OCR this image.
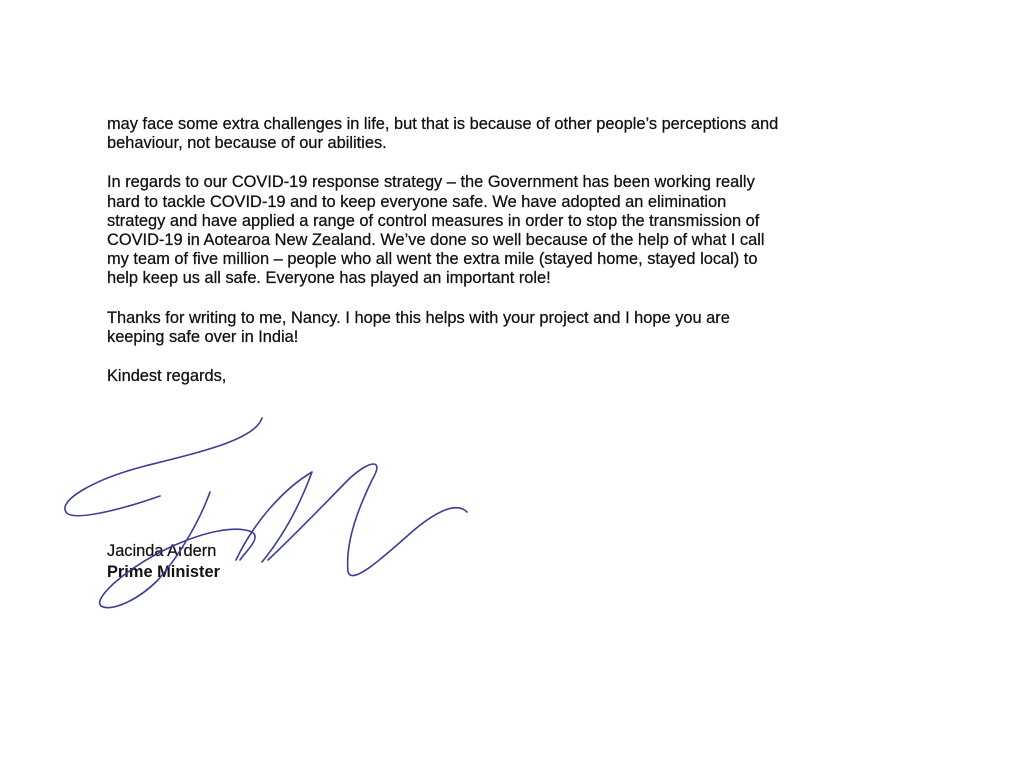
may face some extra challenges in life, but that is because of other people’s perceptions and
behaviour, not because of our abilities.
In regards to our COVID-19 response strategy – the Government has been working really
hard to tackle COVID-19 and to keep everyone safe. We have adopted an elimination
strategy and have applied a range of control measures in order to stop the transmission of
COVID-19 in Aotearoa New Zealand. We’ve done so well because of the help of what I call
my team of five million – people who all went the extra mile (stayed home, stayed local) to
help keep us all safe. Everyone has played an important role!
Thanks for writing to me, Nancy. I hope this helps with your project and I hope you are
keeping safe over in India!

Kindest regards,

Jacinda Ardern
Prime Minister
